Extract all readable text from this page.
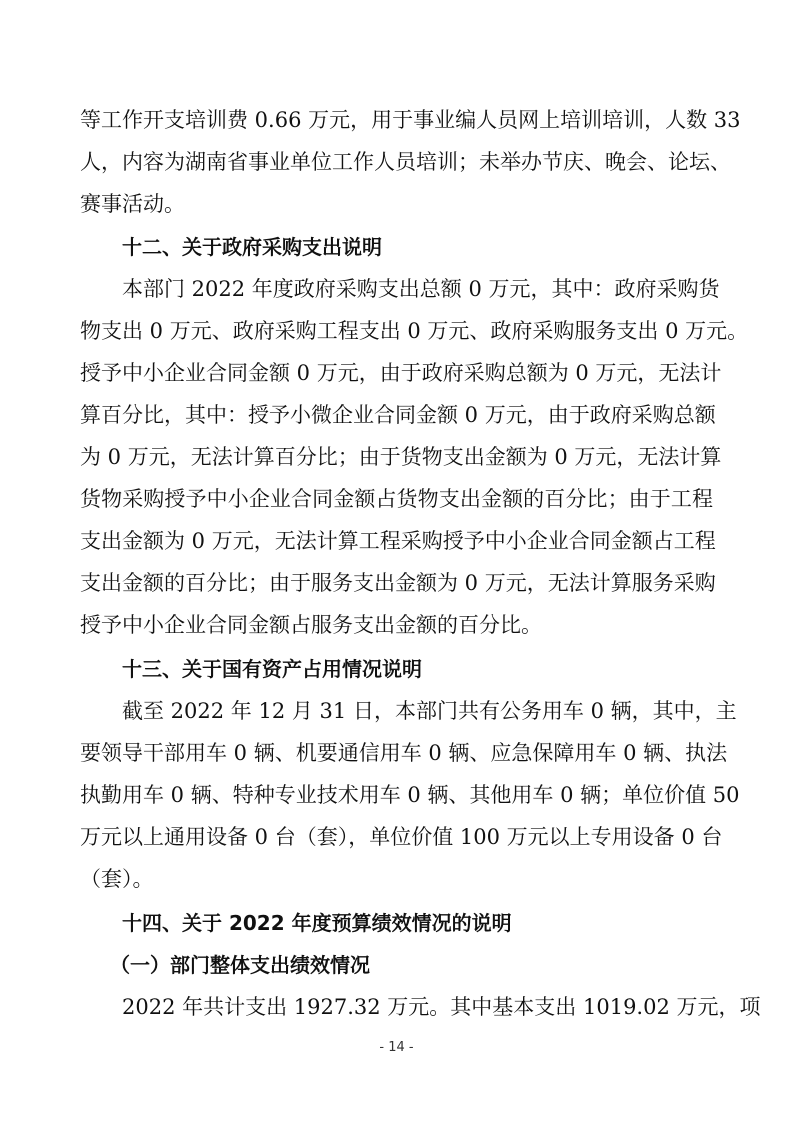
等工作开支培训费 0.66 万元，用于事业编人员网上培训培训，人数 33
人，内容为湖南省事业单位工作人员培训；未举办节庆、晚会、论坛、
赛事活动。
十二、关于政府采购支出说明
本部门 2022 年度政府采购支出总额 0 万元，其中：政府采购货
物支出 0 万元、政府采购工程支出 0 万元、政府采购服务支出 0 万元。
授予中小企业合同金额 0 万元，由于政府采购总额为 0 万元，无法计
算百分比，其中：授予小微企业合同金额 0 万元，由于政府采购总额
为 0 万元，无法计算百分比；由于货物支出金额为 0 万元，无法计算
货物采购授予中小企业合同金额占货物支出金额的百分比；由于工程
支出金额为 0 万元，无法计算工程采购授予中小企业合同金额占工程
支出金额的百分比；由于服务支出金额为 0 万元，无法计算服务采购
授予中小企业合同金额占服务支出金额的百分比。
十三、关于国有资产占用情况说明
截至 2022 年 12 月 31 日，本部门共有公务用车 0 辆，其中，主
要领导干部用车 0 辆、机要通信用车 0 辆、应急保障用车 0 辆、执法
执勤用车 0 辆、特种专业技术用车 0 辆、其他用车 0 辆；单位价值 50
万元以上通用设备 0 台（套），单位价值 100 万元以上专用设备 0 台
（套）。
十四、关于 2022 年度预算绩效情况的说明
（一）部门整体支出绩效情况
2022 年共计支出 1927.32 万元。其中基本支出 1019.02 万元，项
- 14 -
